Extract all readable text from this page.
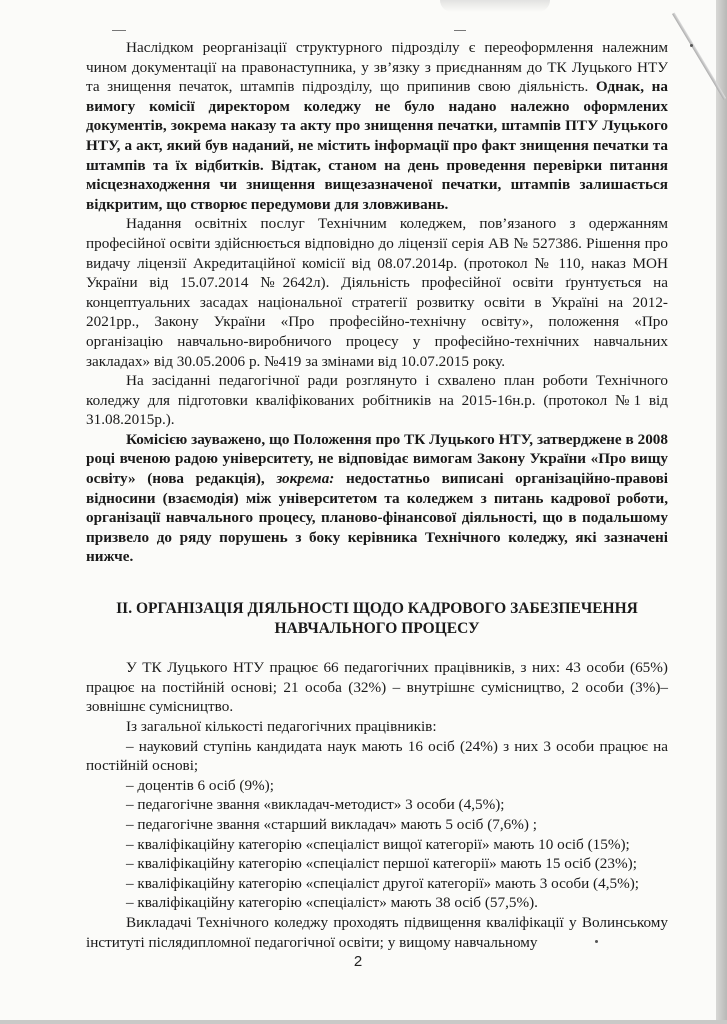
Наслідком реорганізації структурного підрозділу є переоформлення належним чином документації на правонаступника, у зв’язку з приєднанням до ТК Луцького НТУ та знищення печаток, штампів підрозділу, що припинив свою діяльність. Однак, на вимогу комісії директором коледжу не було надано належно оформлених документів, зокрема наказу та акту про знищення печатки, штампів ПТУ Луцького НТУ, а акт, який був наданий, не містить інформації про факт знищення печатки та штампів та їх відбитків. Відтак, станом на день проведення перевірки питання місцезнаходження чи знищення вищезазначеної печатки, штампів залишається відкритим, що створює передумови для зловживань.

Надання освітніх послуг Технічним коледжем, пов’язаного з одержанням професійної освіти здійснюється відповідно до ліцензії серія АВ № 527386. Рішення про видачу ліцензії Акредитаційної комісії від 08.07.2014р. (протокол № 110, наказ МОН України від 15.07.2014 №2642л). Діяльність професійної освіти ґрунтується на концептуальних засадах національної стратегії розвитку освіти в Україні на 2012-2021рр., Закону України «Про професійно-технічну освіту», положення «Про організацію навчально-виробничого процесу у професійно-технічних навчальних закладах» від 30.05.2006 р. №419 за змінами від 10.07.2015 року.

На засіданні педагогічної ради розглянуто і схвалено план роботи Технічного коледжу для підготовки кваліфікованих робітників на 2015-16н.р. (протокол №1 від 31.08.2015р.).

Комісією зауважено, що Положення про ТК Луцького НТУ, затверджене в 2008 році вченою радою університету, не відповідає вимогам Закону України «Про вищу освіту» (нова редакція), зокрема: недостатньо виписані організаційно-правові відносини (взаємодія) між університетом та коледжем з питань кадрової роботи, організації навчального процесу, планово-фінансової діяльності, що в подальшому призвело до ряду порушень з боку керівника Технічного коледжу, які зазначені нижче.

ІІ. ОРГАНІЗАЦІЯ ДІЯЛЬНОСТІ ЩОДО КАДРОВОГО ЗАБЕЗПЕЧЕННЯ
НАВЧАЛЬНОГО ПРОЦЕСУ

У ТК Луцького НТУ працює 66 педагогічних працівників, з них: 43 особи (65%) працює на постійній основі; 21 особа (32%) – внутрішнє сумісництво, 2 особи (3%)– зовнішнє сумісництво.

Із загальної кількості педагогічних працівників:

– науковий ступінь кандидата наук мають 16 осіб (24%) з них 3 особи працює на постійній основі;

– доцентів 6 осіб (9%);

– педагогічне звання «викладач-методист» 3 особи (4,5%);

– педагогічне звання «старший викладач» мають 5 осіб (7,6%) ;

– кваліфікаційну категорію «спеціаліст вищої категорії» мають 10 осіб (15%);

– кваліфікаційну категорію «спеціаліст першої категорії» мають 15 осіб (23%);

– кваліфікаційну категорію «спеціаліст другої категорії» мають 3 особи (4,5%);

– кваліфікаційну категорію «спеціаліст» мають 38 осіб (57,5%).

Викладачі Технічного коледжу проходять підвищення кваліфікації у Волинському інституті післядипломної педагогічної освіти; у вищому навчальному

2
